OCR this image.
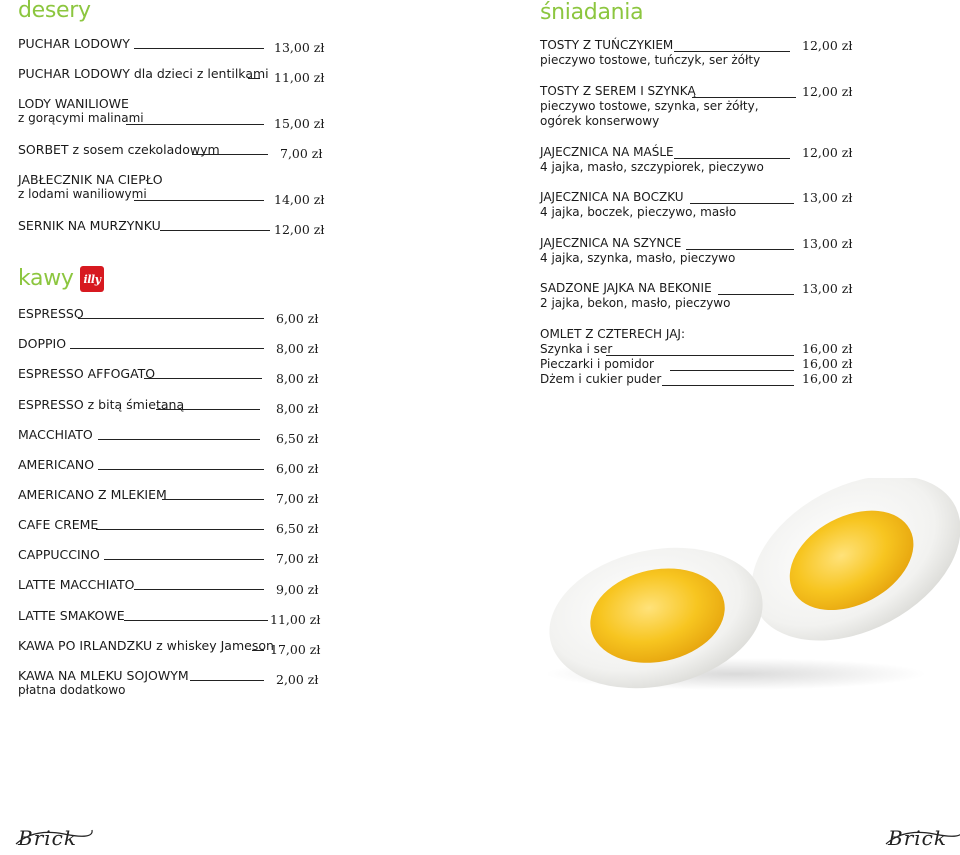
desery
PUCHAR LODOWY	13,00 zł
PUCHAR LODOWY dla dzieci z lentilkami 11,00 zł
LODY WANILIOWE
z gorącymi malinami	15,00 zł
SORBET z sosem czekoladowym	7,00 zł
JABŁECZNIK NA CIEPŁO
z lodami waniliowymi	14,00 zł
SERNIK NA MURZYNKU	12,00 zł
kawy illy
ESPRESSO	6,00 zł
DOPPIO	8,00 zł
ESPRESSO AFFOGATO	8,00 zł
ESPRESSO z bitą śmietaną	8,00 zł
MACCHIATO	6,50 zł
AMERICANO	6,00 zł
AMERICANO Z MLEKIEM	7,00 zł
CAFE CREME	6,50 zł
CAPPUCCINO	7,00 zł
LATTE MACCHIATO	9,00 zł
LATTE SMAKOWE	11,00 zł
KAWA PO IRLANDZKU z whiskey Jameson
17,00 zł
KAWA NA MLEKU SOJOWYM
płatna dodatkowo
2,00 zł
śniadania
TOSTY Z TUŃCZYKIEM
pieczywo tostowe, tuńczyk, ser żółty
12,00 zł
TOSTY Z SEREM I SZYNKĄ
pieczywo tostowe, szynka, ser żółty,
ogórek konserwowy
12,00 zł
JAJECZNICA NA MAŚLE
4 jajka, masło, szczypiorek, pieczywo
12,00 zł
JAJECZNICA NA BOCZKU
4 jajka, boczek, pieczywo, masło
13,00 zł
JAJECZNICA NA SZYNCE
4 jajka, szynka, masło, pieczywo
13,00 zł
SADZONE JAJKA NA BEKONIE
2 jajka, bekon, masło, pieczywo
13,00 zł
OMLET Z CZTERECH JAJ:
Szynka i ser	16,00 zł
Pieczarki i pomidor	16,00 zł
Dżem i cukier puder	16,00 zł
Brick	Brick
